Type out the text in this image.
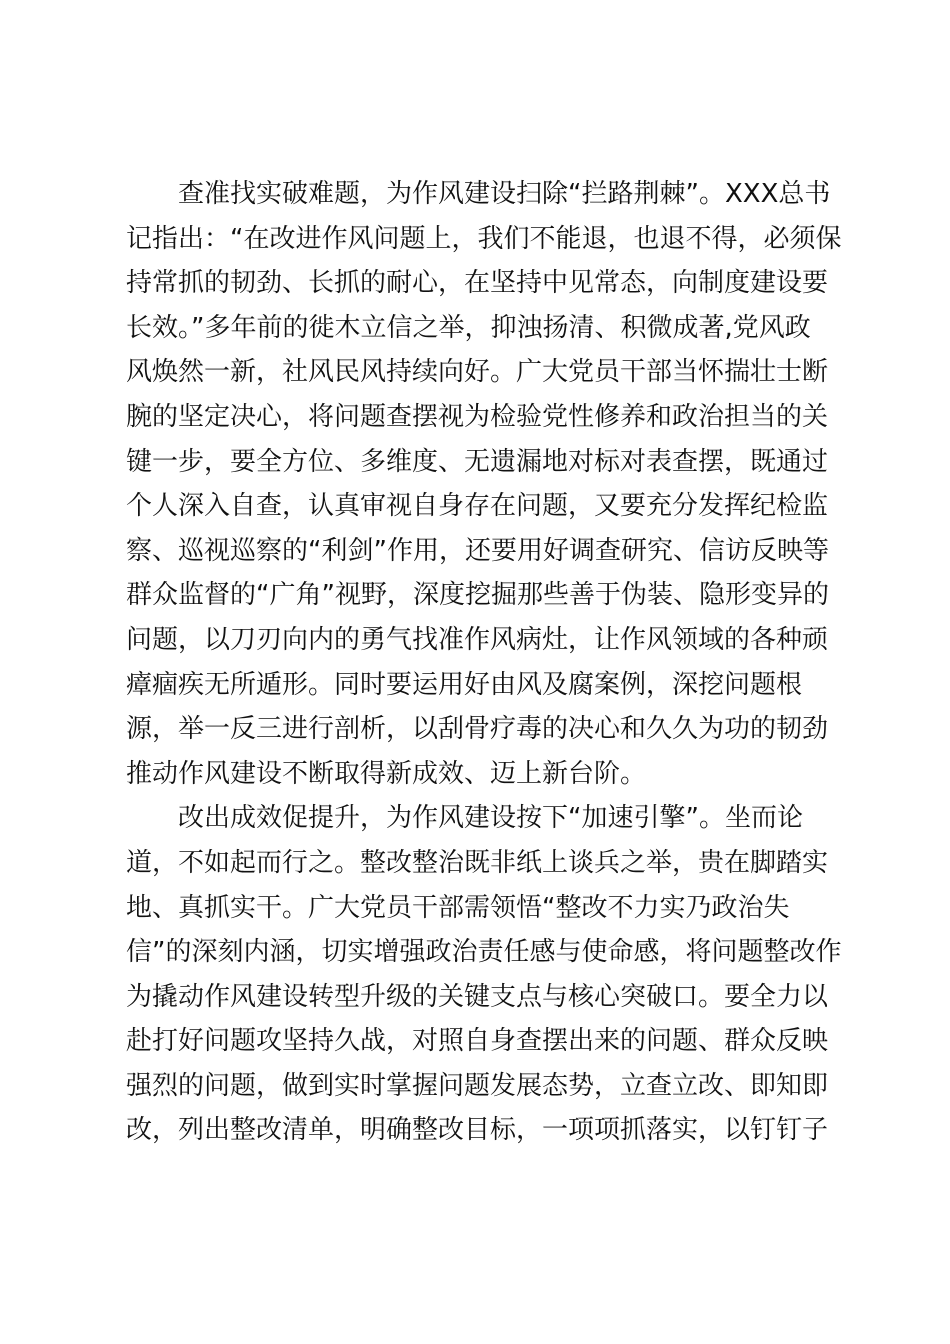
查准找实破难题，为作风建设扫除“拦路荆棘”。XXX总书
记指出：“在改进作风问题上，我们不能退，也退不得，必须保
持常抓的韧劲、长抓的耐心，在坚持中见常态，向制度建设要
长效。”多年前的徙木立信之举，抑浊扬清、积微成著,党风政
风焕然一新，社风民风持续向好。广大党员干部当怀揣壮士断
腕的坚定决心，将问题查摆视为检验党性修养和政治担当的关
键一步，要全方位、多维度、无遗漏地对标对表查摆，既通过
个人深入自查，认真审视自身存在问题，又要充分发挥纪检监
察、巡视巡察的“利剑”作用，还要用好调查研究、信访反映等
群众监督的“广角”视野，深度挖掘那些善于伪装、隐形变异的
问题，以刀刃向内的勇气找准作风病灶，让作风领域的各种顽
瘴痼疾无所遁形。同时要运用好由风及腐案例，深挖问题根
源，举一反三进行剖析，以刮骨疗毒的决心和久久为功的韧劲
推动作风建设不断取得新成效、迈上新台阶。
改出成效促提升，为作风建设按下“加速引擎”。坐而论
道，不如起而行之。整改整治既非纸上谈兵之举，贵在脚踏实
地、真抓实干。广大党员干部需领悟“整改不力实乃政治失
信”的深刻内涵，切实增强政治责任感与使命感，将问题整改作
为撬动作风建设转型升级的关键支点与核心突破口。要全力以
赴打好问题攻坚持久战，对照自身查摆出来的问题、群众反映
强烈的问题，做到实时掌握问题发展态势，立查立改、即知即
改，列出整改清单，明确整改目标，一项项抓落实，以钉钉子
